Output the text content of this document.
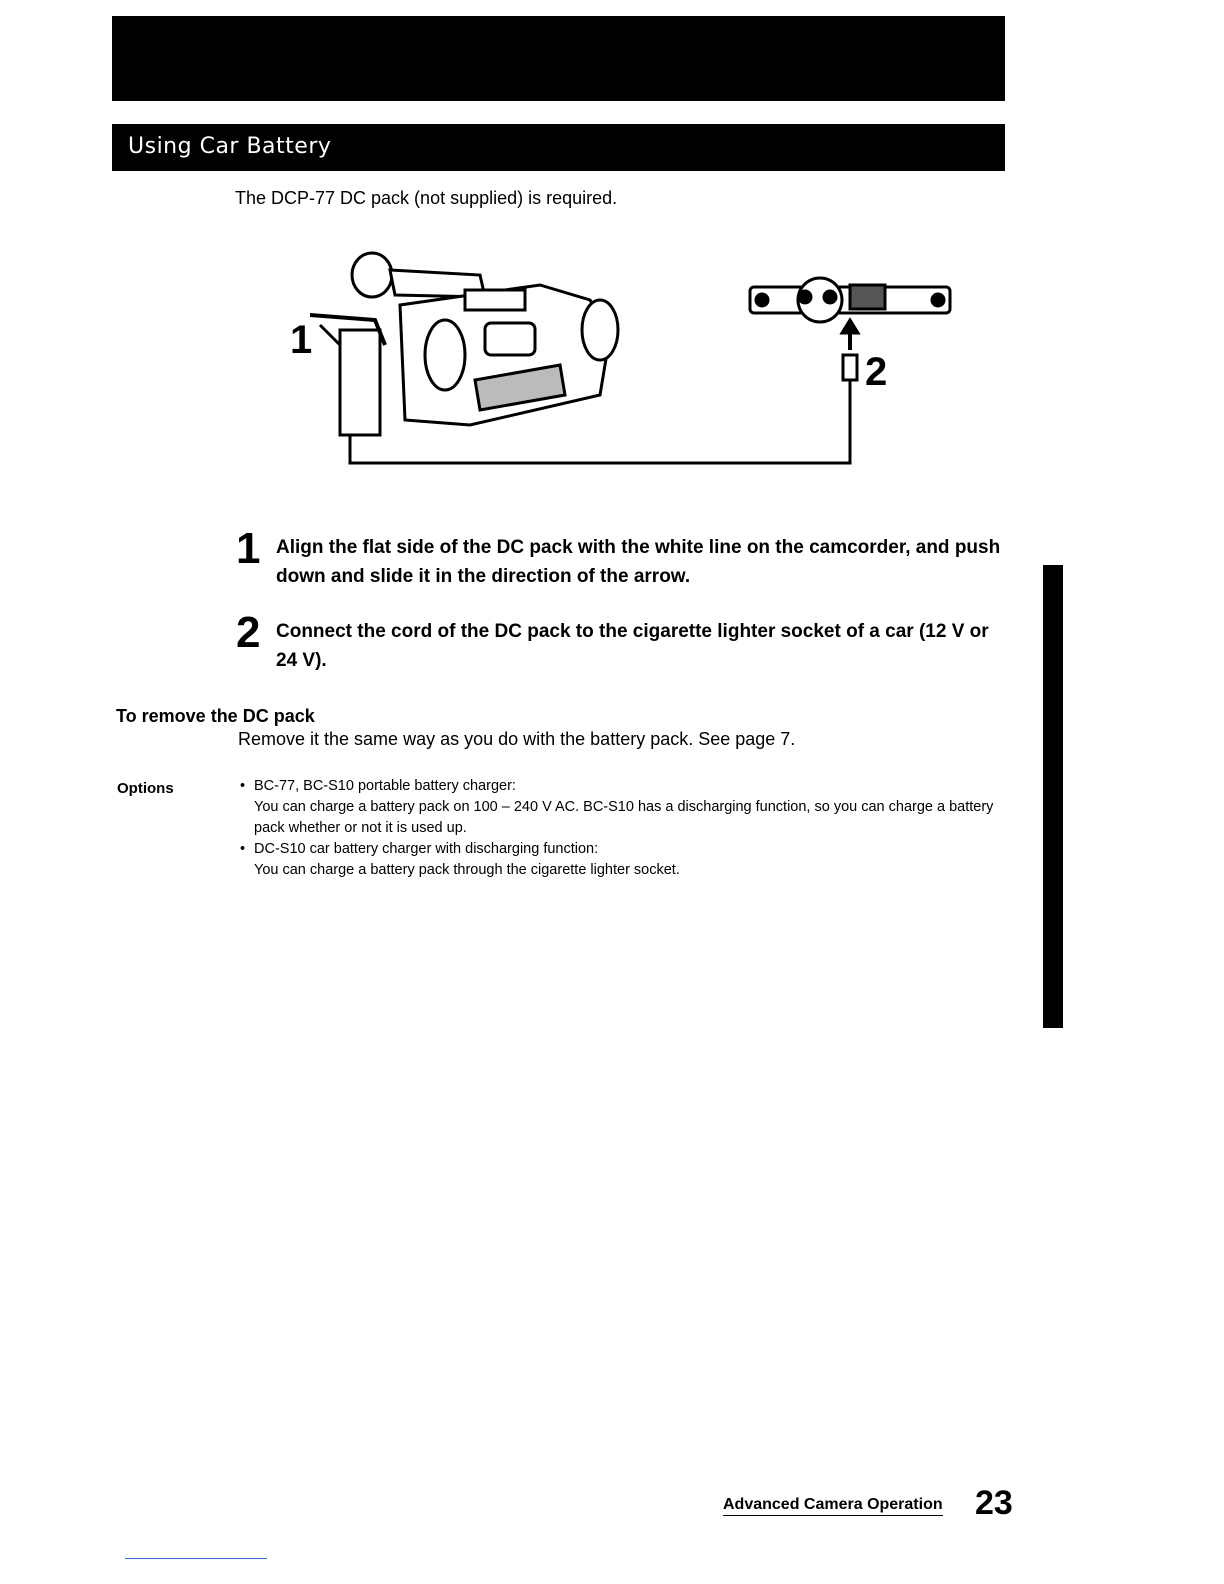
Using Car Battery
The DCP-77 DC pack (not supplied) is required.
1
2
1 Align the flat side of the DC pack with the white line on the camcorder, and push down and slide it in the direction of the arrow.
2 Connect the cord of the DC pack to the cigarette lighter socket of a car (12 V or 24 V).
To remove the DC pack
Remove it the same way as you do with the battery pack. See page 7.
Options	• BC-77, BC-S10 portable battery charger:
You can charge a battery pack on 100 – 240 V AC. BC-S10 has a discharging function, so you can charge a battery pack whether or not it is used up.

• DC-S10 car battery charger with discharging function:
You can charge a battery pack through the cigarette lighter socket.

Advanced Camera Operation 23
